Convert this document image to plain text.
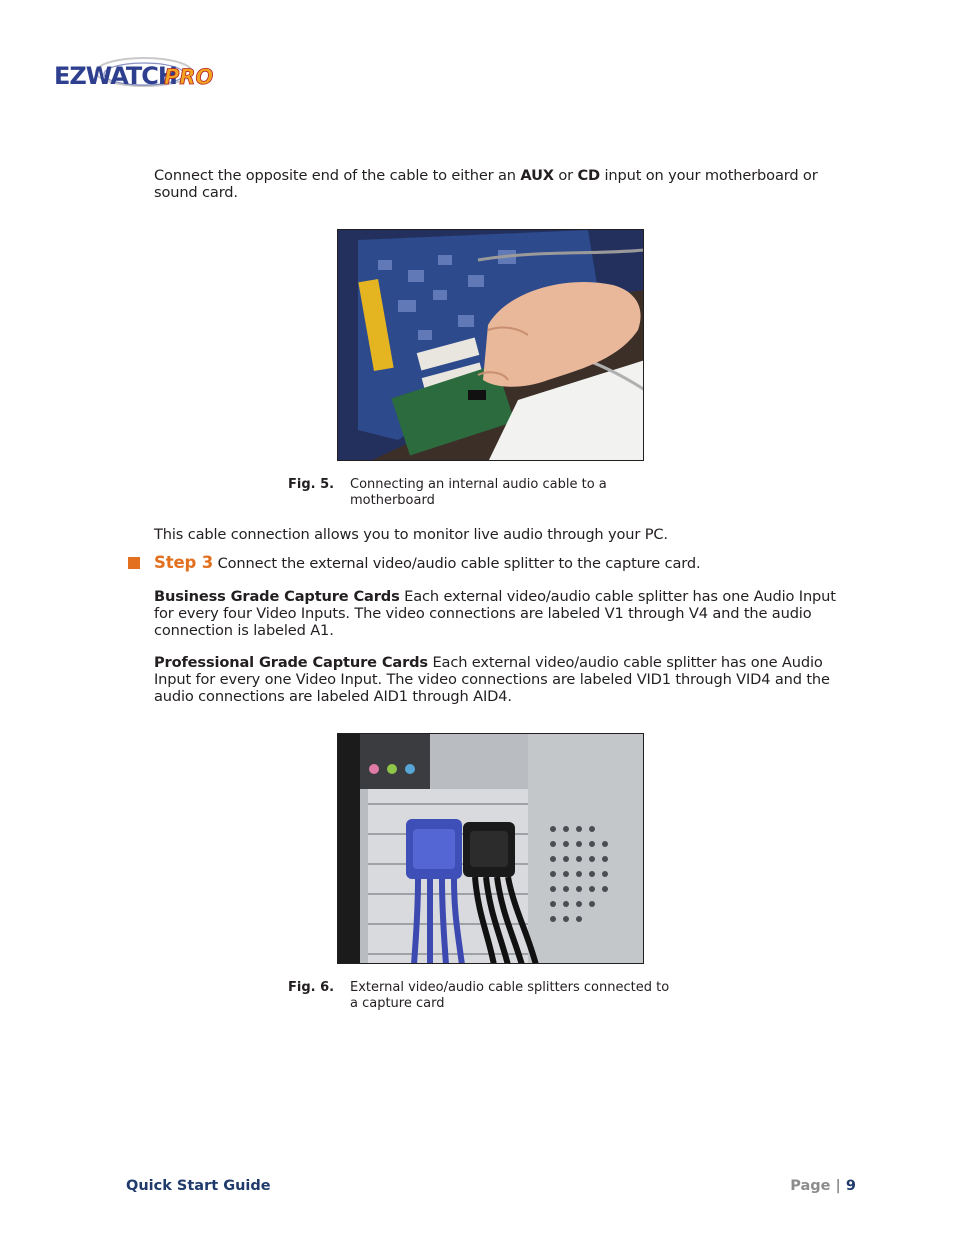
EZWATCH
PRO
Connect the opposite end of the cable to either an AUX or CD input on your motherboard or sound card.
Fig. 5. Connecting an internal audio cable to a motherboard
This cable connection allows you to monitor live audio through your PC.
Step 3 Connect the external video/audio cable splitter to the capture card.
Business Grade Capture Cards Each external video/audio cable splitter has one Audio Input for every four Video Inputs. The video connections are labeled V1 through V4 and the audio connection is labeled A1.
Professional Grade Capture Cards Each external video/audio cable splitter has one Audio Input for every one Video Input. The video connections are labeled VID1 through VID4 and the audio connections are labeled AID1 through AID4.
Fig. 6. External video/audio cable splitters connected to a capture card
Quick Start Guide	Page | 9
